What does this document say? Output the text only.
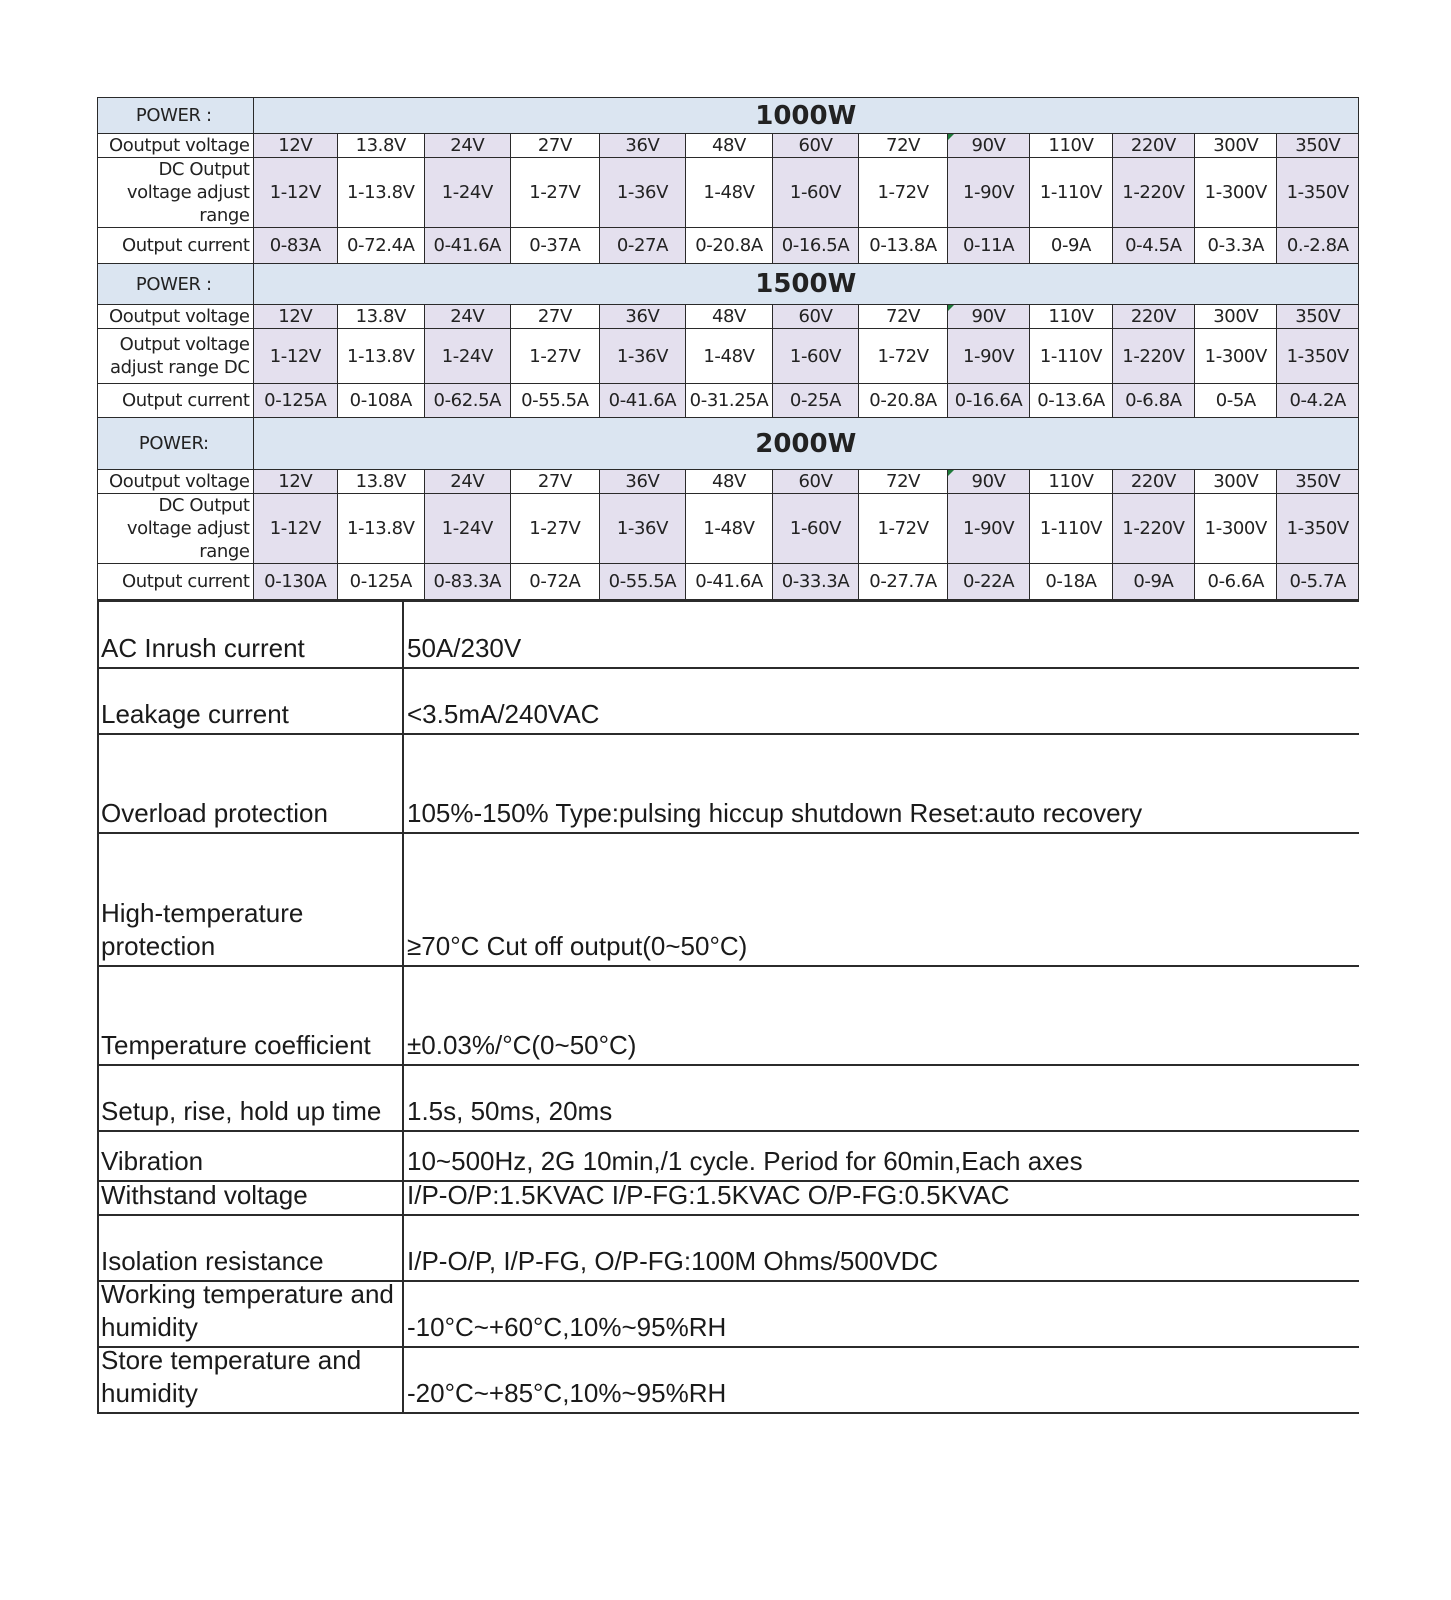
POWER :	1000W												
Ooutput voltage	12V	13.8V	24V	27V	36V	48V	60V	72V	90V	110V	220V	300V	350V
DC Output voltage adjust range	1-12V	1-13.8V	1-24V	1-27V	1-36V	1-48V	1-60V	1-72V	1-90V	1-110V	1-220V	1-300V	1-350V
Output current	0-83A	0-72.4A	0-41.6A	0-37A	0-27A	0-20.8A	0-16.5A	0-13.8A	0-11A	0-9A	0-4.5A	0-3.3A	0.-2.8A
POWER :	1500W												
Ooutput voltage	12V	13.8V	24V	27V	36V	48V	60V	72V	90V	110V	220V	300V	350V
Output voltage adjust range DC	1-12V	1-13.8V	1-24V	1-27V	1-36V	1-48V	1-60V	1-72V	1-90V	1-110V	1-220V	1-300V	1-350V
Output current	0-125A	0-108A	0-62.5A	0-55.5A	0-41.6A	0-31.25A	0-25A	0-20.8A	0-16.6A	0-13.6A	0-6.8A	0-5A	0-4.2A
POWER:	2000W												
Ooutput voltage	12V	13.8V	24V	27V	36V	48V	60V	72V	90V	110V	220V	300V	350V
DC Output voltage adjust range	1-12V	1-13.8V	1-24V	1-27V	1-36V	1-48V	1-60V	1-72V	1-90V	1-110V	1-220V	1-300V	1-350V
Output current	0-130A	0-125A	0-83.3A	0-72A	0-55.5A	0-41.6A	0-33.3A	0-27.7A	0-22A	0-18A	0-9A	0-6.6A	0-5.7A
AC Inrush current	50A/230V
Leakage current	<3.5mA/240VAC
Overload protection	105%-150% Type:pulsing hiccup shutdown Reset:auto recovery
High-temperature protection	≥70°C Cut off output(0~50°C)
Temperature coefficient ±0.03%/°C(0~50°C)
Setup, rise, hold up time 1.5s, 50ms, 20ms
Vibration	10~500Hz, 2G 10min,/1 cycle. Period for 60min,Each axes
Withstand voltage	I/P-O/P:1.5KVAC I/P-FG:1.5KVAC O/P-FG:0.5KVAC
Isolation resistance	I/P-O/P, I/P-FG, O/P-FG:100M Ohms/500VDC
Working temperature and humidity	-10°C~+60°C,10%~95%RH
Store temperature and humidity	-20°C~+85°C,10%~95%RH
